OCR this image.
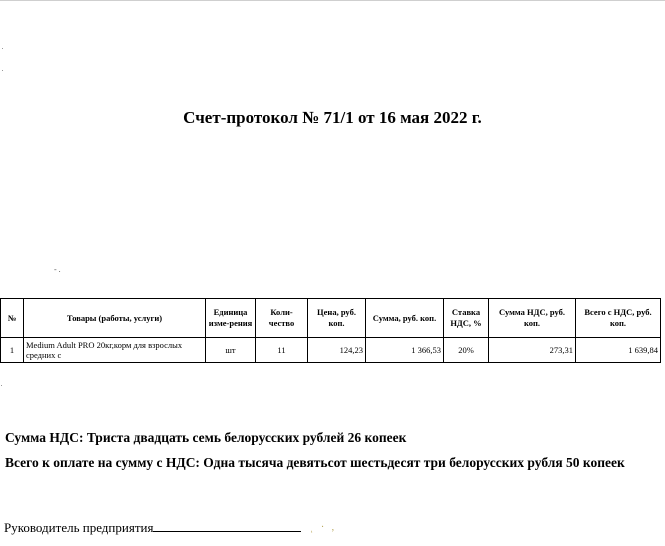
Счет-протокол № 71/1 от 16 мая 2022 г.
- .
№	Товары (работы, услуги)	Единица изме-рения	Коли-чество	Цена, руб. коп.	Сумма, руб. коп.	Ставка НДС, %	Сумма НДС, руб. коп.	Всего с НДС, руб. коп.
1	Medium Adult PRO 20кг,корм для взрослых средних с	шт	11	124,23	1 366,53	20%	273,31	1 639,84
Сумма НДС: Триста двадцать семь белорусских рублей 26 копеек
Всего к оплате на сумму с НДС: Одна тысяча девятьсот шестьдесят три белорусских рубля 50 копеек
Руководитель предприятия	ͺ   ·   ,
